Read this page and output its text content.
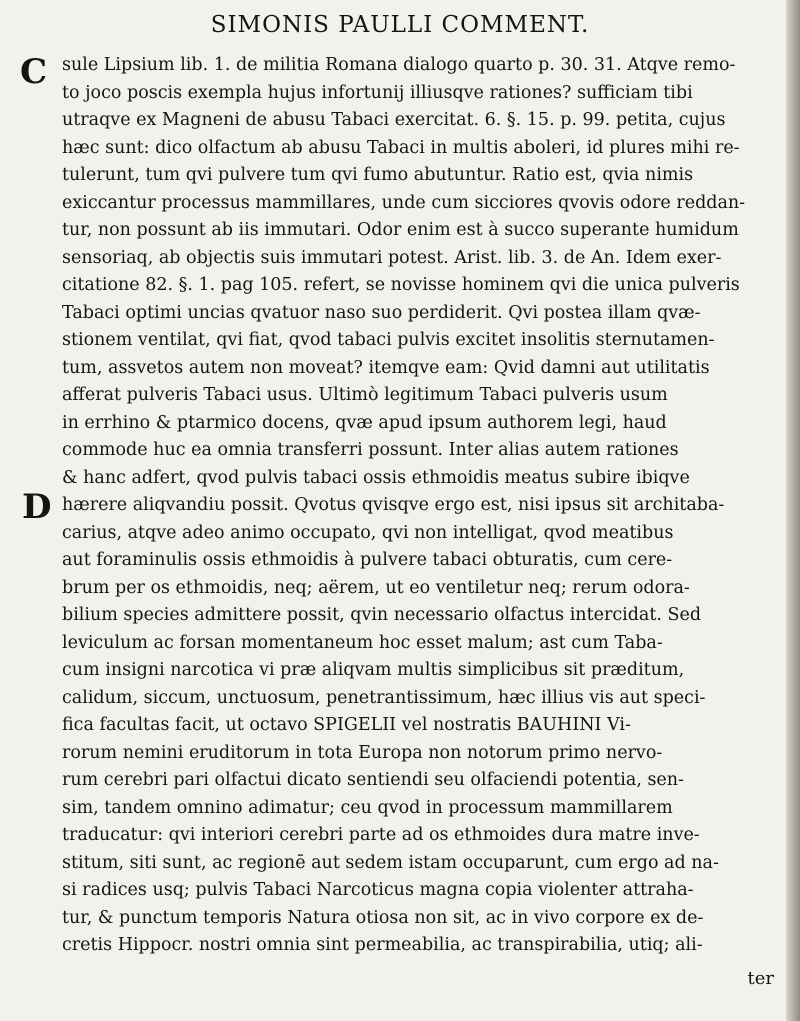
SIMONIS PAULLI COMMENT.
C
D
sule Lipsium lib. 1. de militia Romana dialogo quarto p. 30. 31. Atqve remo-
to joco poscis exempla hujus infortunij illiusqve rationes? sufficiam tibi
utraqve ex Magneni de abusu Tabaci exercitat. 6. §. 15. p. 99. petita, cujus
hæc sunt: dico olfactum ab abusu Tabaci in multis aboleri, id plures mihi re-
tulerunt, tum qvi pulvere tum qvi fumo abutuntur. Ratio est, qvia nimis
exiccantur processus mammillares, unde cum sicciores qvovis odore reddan-
tur, non possunt ab iis immutari. Odor enim est à succo superante humidum
sensoriaq, ab objectis suis immutari potest. Arist. lib. 3. de An. Idem exer-
citatione 82. §. 1. pag 105. refert, se novisse hominem qvi die unica pulveris
Tabaci optimi uncias qvatuor naso suo perdiderit. Qvi postea illam qvæ-
stionem ventilat, qvi fiat, qvod tabaci pulvis excitet insolitis sternutamen-
tum, assvetos autem non moveat? itemqve eam: Qvid damni aut utilitatis
afferat pulveris Tabaci usus. Ultimò legitimum Tabaci pulveris usum
in errhino & ptarmico docens, qvæ apud ipsum authorem legi, haud
commode huc ea omnia transferri possunt. Inter alias autem rationes
& hanc adfert, qvod pulvis tabaci ossis ethmoidis meatus subire ibiqve
hærere aliqvandiu possit. Qvotus qvisqve ergo est, nisi ipsus sit architaba-
carius, atqve adeo animo occupato, qvi non intelligat, qvod meatibus
aut foraminulis ossis ethmoidis à pulvere tabaci obturatis, cum cere-
brum per os ethmoidis, neq; aërem, ut eo ventiletur neq; rerum odora-
bilium species admittere possit, qvin necessario olfactus intercidat. Sed
leviculum ac forsan momentaneum hoc esset malum; ast cum Taba-
cum insigni narcotica vi præ aliqvam multis simplicibus sit præditum,
calidum, siccum, unctuosum, penetrantissimum, hæc illius vis aut speci-
fica facultas facit, ut octavo SPIGELII vel nostratis BAUHINI Vi-
rorum nemini eruditorum in tota Europa non notorum primo nervo-
rum cerebri pari olfactui dicato sentiendi seu olfaciendi potentia, sen-
sim, tandem omnino adimatur; ceu qvod in processum mammillarem
traducatur: qvi interiori cerebri parte ad os ethmoides dura matre inve-
stitum, siti sunt, ac regionē aut sedem istam occuparunt, cum ergo ad na-
si radices usq; pulvis Tabaci Narcoticus magna copia violenter attraha-
tur, & punctum temporis Natura otiosa non sit, ac in vivo corpore ex de-
cretis Hippocr. nostri omnia sint permeabilia, ac transpirabilia, utiq; ali-
ter
